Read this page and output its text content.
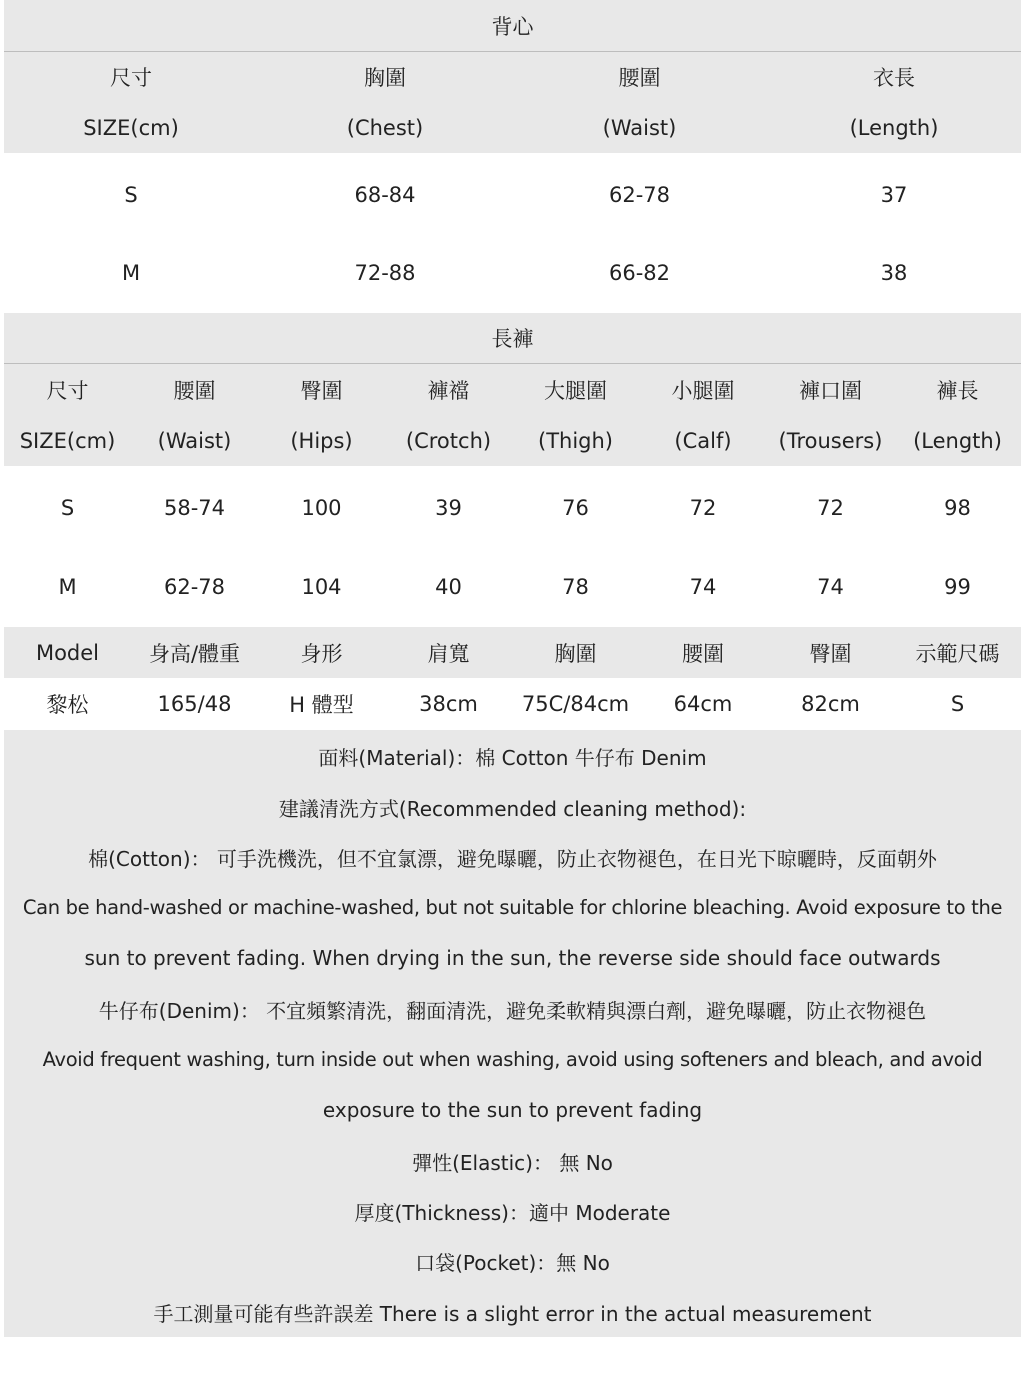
背心
尺寸	胸圍	腰圍	衣長
SIZE(cm)	(Chest)	(Waist)	(Length)
S	68-84	62-78	37
M	72-88	66-82	38
長褲
尺寸	腰圍	臀圍	褲襠	大腿圍	小腿圍	褲口圍	褲長
SIZE(cm)	(Waist)	(Hips)	(Crotch)	(Thigh)	(Calf)	(Trousers)	(Length)
S	58-74	100	39	76	72	72	98
M	62-78	104	40	78	74	74	99
Model	身高/體重	身形	肩寬	胸圍	腰圍	臀圍	示範尺碼
黎松	165/48	H 體型	38cm	75C/84cm	64cm	82cm	S
面料(Material)：棉 Cotton 牛仔布 Denim
建議清洗方式(Recommended cleaning method):
棉(Cotton)： 可手洗機洗，但不宜氯漂，避免曝曬，防止衣物褪色，在日光下晾曬時，反面朝外
Can be hand-washed or machine-washed, but not suitable for chlorine bleaching. Avoid exposure to the
sun to prevent fading. When drying in the sun, the reverse side should face outwards
牛仔布(Denim)： 不宜頻繁清洗，翻面清洗，避免柔軟精與漂白劑，避免曝曬，防止衣物褪色
Avoid frequent washing, turn inside out when washing, avoid using softeners and bleach, and avoid
exposure to the sun to prevent fading
彈性(Elastic)： 無 No
厚度(Thickness)：適中 Moderate
口袋(Pocket)：無 No
手工測量可能有些許誤差 There is a slight error in the actual measurement
